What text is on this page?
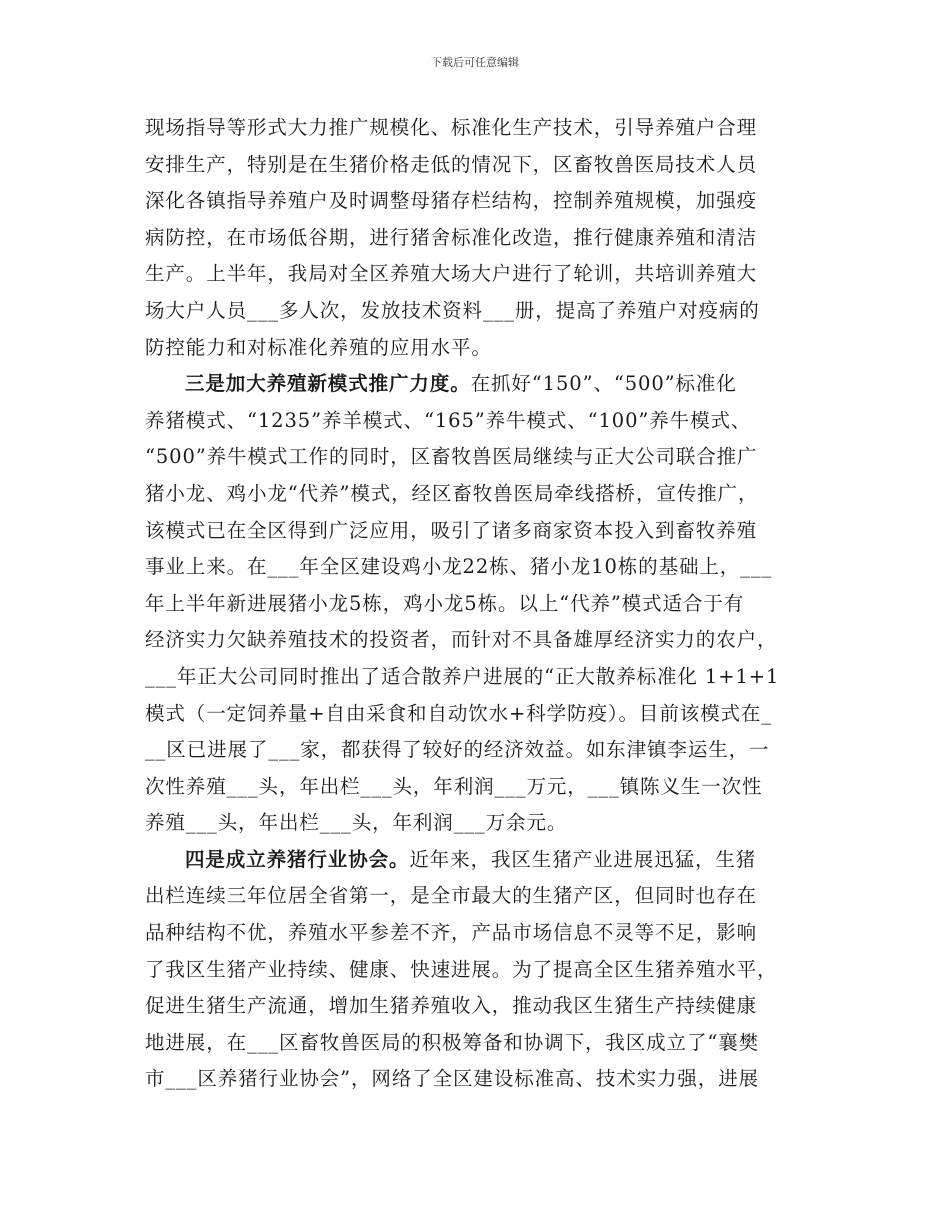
下载后可任意编辑
现场指导等形式大力推广规模化、标准化生产技术，引导养殖户合理
安排生产，特别是在生猪价格走低的情况下，区畜牧兽医局技术人员
深化各镇指导养殖户及时调整母猪存栏结构，控制养殖规模，加强疫
病防控，在市场低谷期，进行猪舍标准化改造，推行健康养殖和清洁
生产。上半年，我局对全区养殖大场大户进行了轮训，共培训养殖大
场大户人员___多人次，发放技术资料___册，提高了养殖户对疫病的
防控能力和对标准化养殖的应用水平。
三是加大养殖新模式推广力度。在抓好“150”、“500”标准化
养猪模式、“1235”养羊模式、“165”养牛模式、“100”养牛模式、
“500”养牛模式工作的同时，区畜牧兽医局继续与正大公司联合推广
猪小龙、鸡小龙“代养”模式，经区畜牧兽医局牵线搭桥，宣传推广，
该模式已在全区得到广泛应用，吸引了诸多商家资本投入到畜牧养殖
事业上来。在___年全区建设鸡小龙22栋、猪小龙10栋的基础上，___
年上半年新进展猪小龙5栋，鸡小龙5栋。以上“代养”模式适合于有
经济实力欠缺养殖技术的投资者，而针对不具备雄厚经济实力的农户，
___年正大公司同时推出了适合散养户进展的“正大散养标准化 1+1+1
模式（一定饲养量+自由采食和自动饮水+科学防疫）。目前该模式在_
__区已进展了___家，都获得了较好的经济效益。如东津镇李运生，一
次性养殖___头，年出栏___头，年利润___万元，___镇陈义生一次性
养殖___头，年出栏___头，年利润___万余元。
四是成立养猪行业协会。近年来，我区生猪产业进展迅猛，生猪
出栏连续三年位居全省第一，是全市最大的生猪产区，但同时也存在
品种结构不优，养殖水平参差不齐，产品市场信息不灵等不足，影响
了我区生猪产业持续、健康、快速进展。为了提高全区生猪养殖水平，
促进生猪生产流通，增加生猪养殖收入，推动我区生猪生产持续健康
地进展，在___区畜牧兽医局的积极筹备和协调下，我区成立了“襄樊
市___区养猪行业协会”，网络了全区建设标准高、技术实力强，进展
